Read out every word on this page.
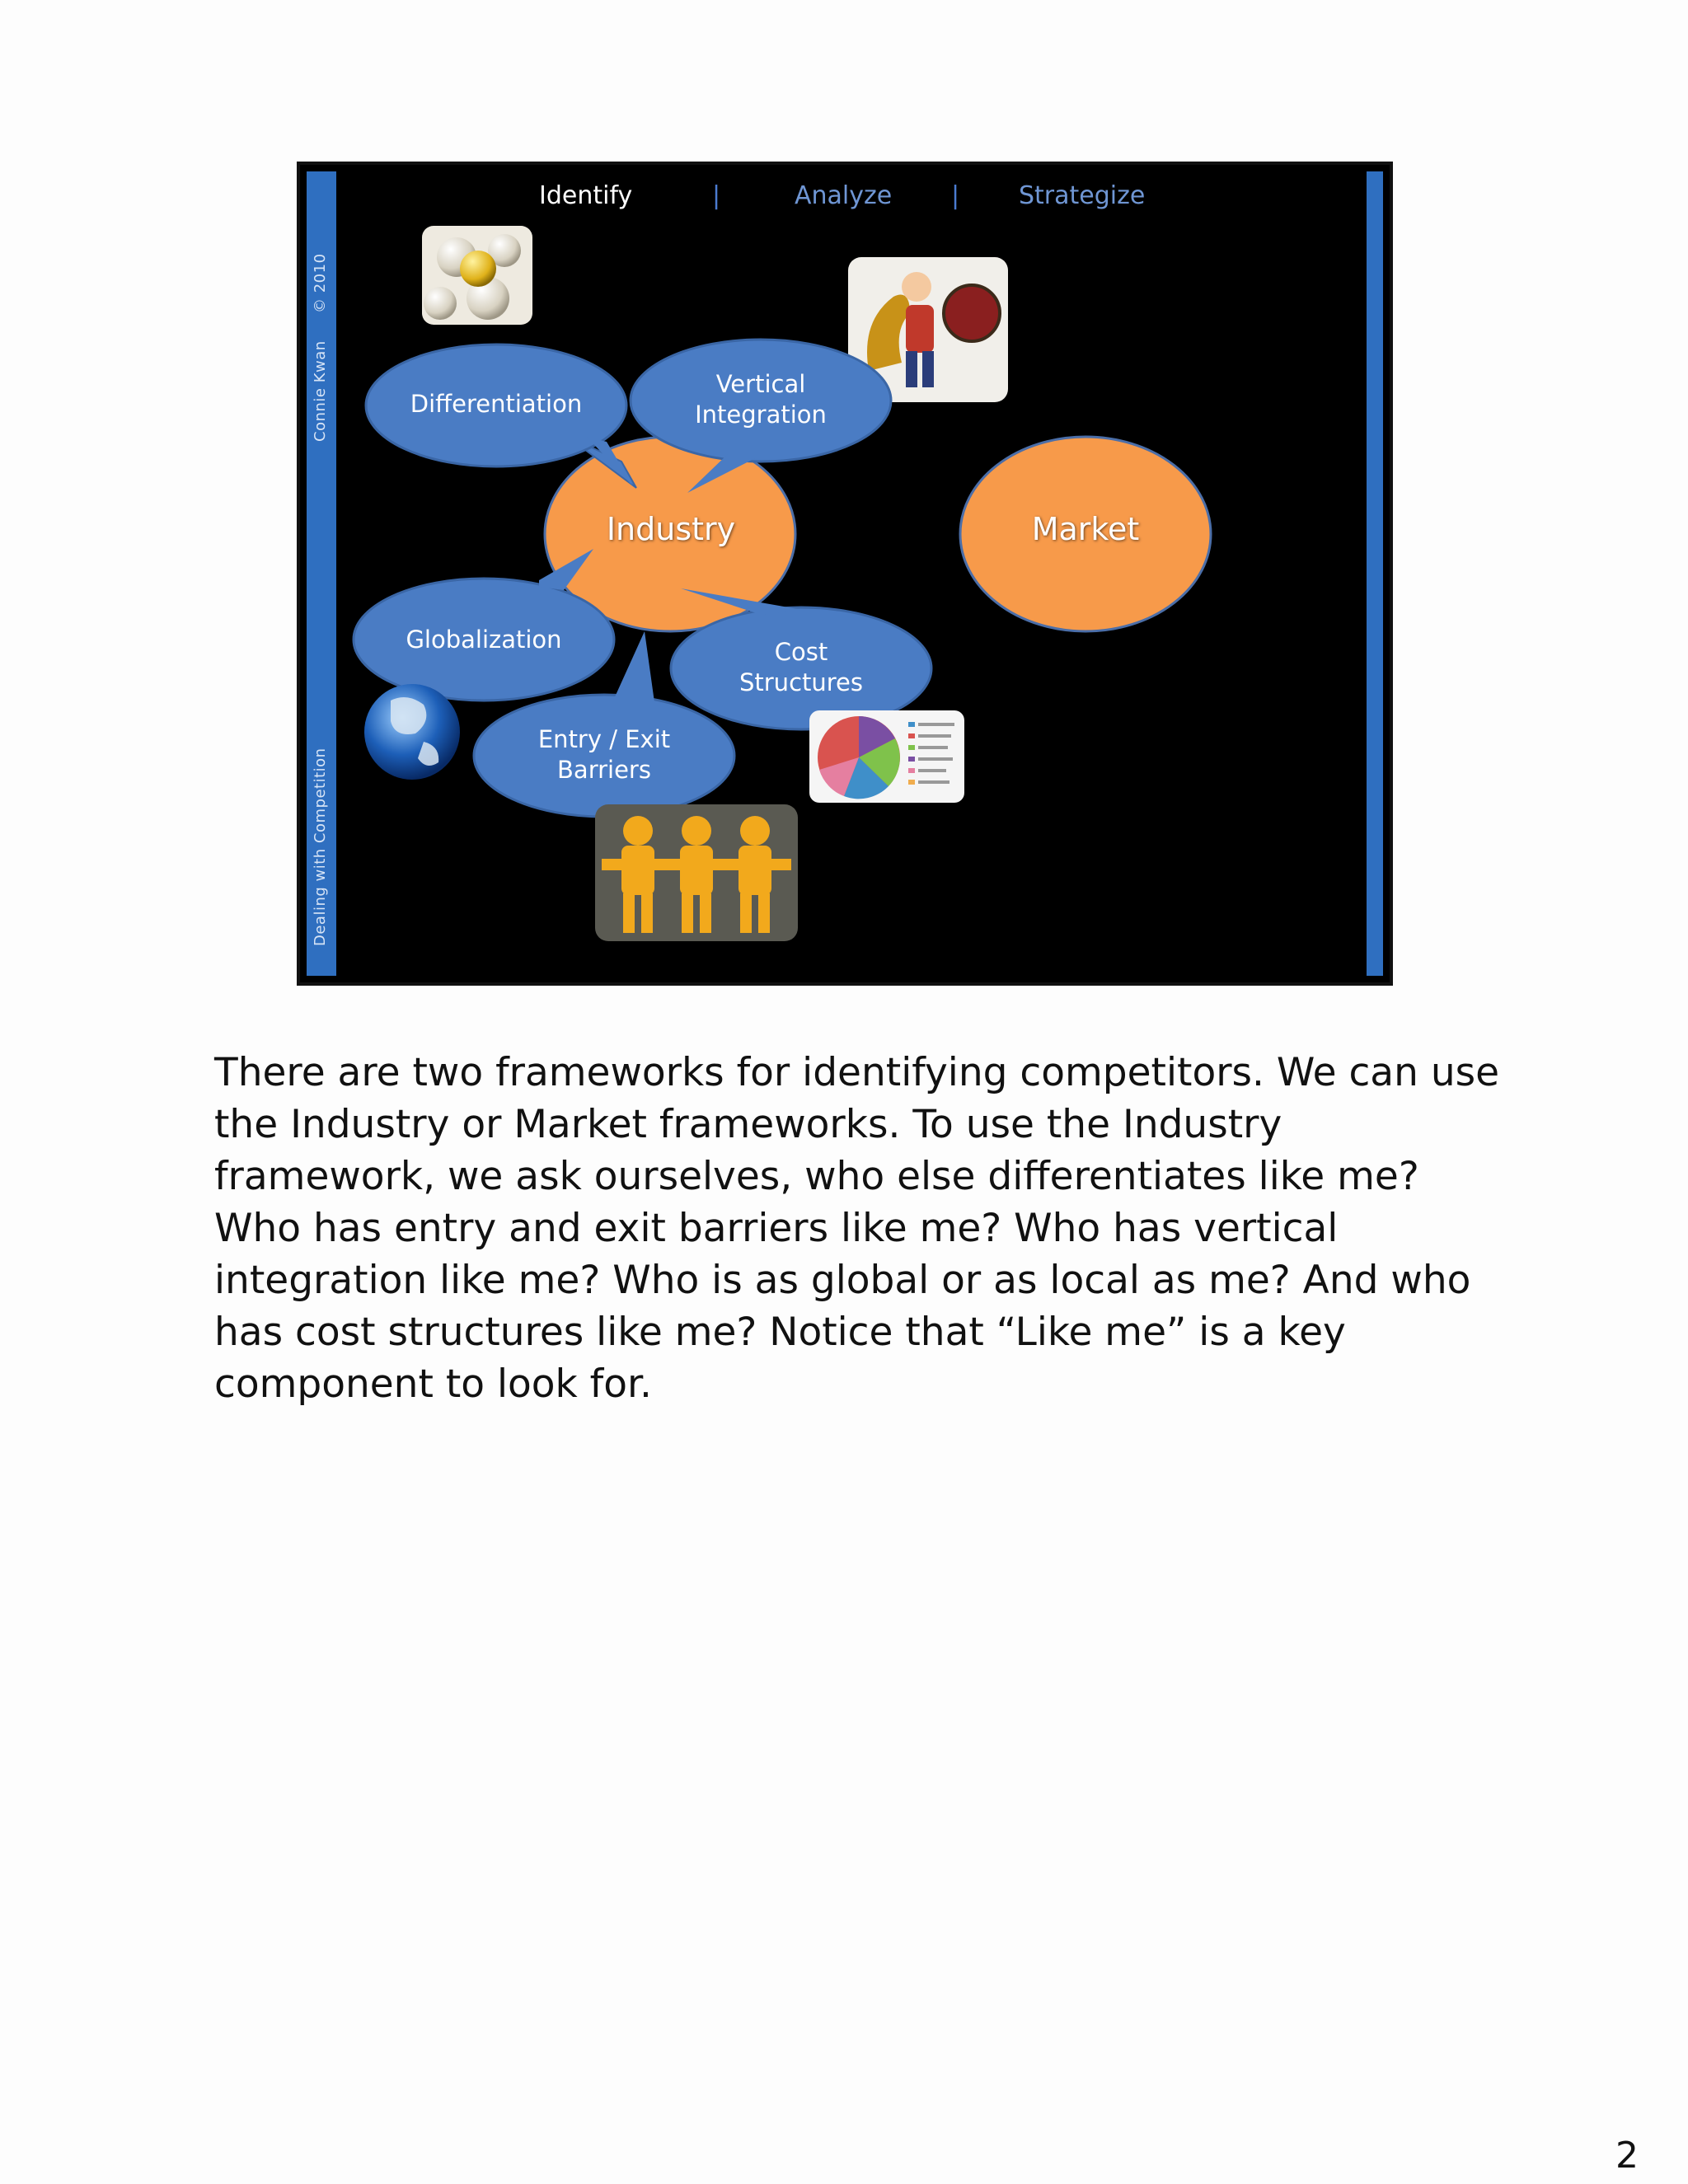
© 2010
Connie Kwan
Dealing with Competition
Identify	|	Analyze | Strategize
Industry	Market
Differentiation
Vertical
Integration
Globalization	Cost
Structures
Entry / Exit
Barriers
There are two frameworks for identifying competitors. We can use the Industry or Market frameworks. To use the Industry framework, we ask ourselves, who else differentiates like me? Who has entry and exit barriers like me? Who has vertical integration like me? Who is as global or as local as me? And who has cost structures like me? Notice that “Like me” is a key component to look for.
2
